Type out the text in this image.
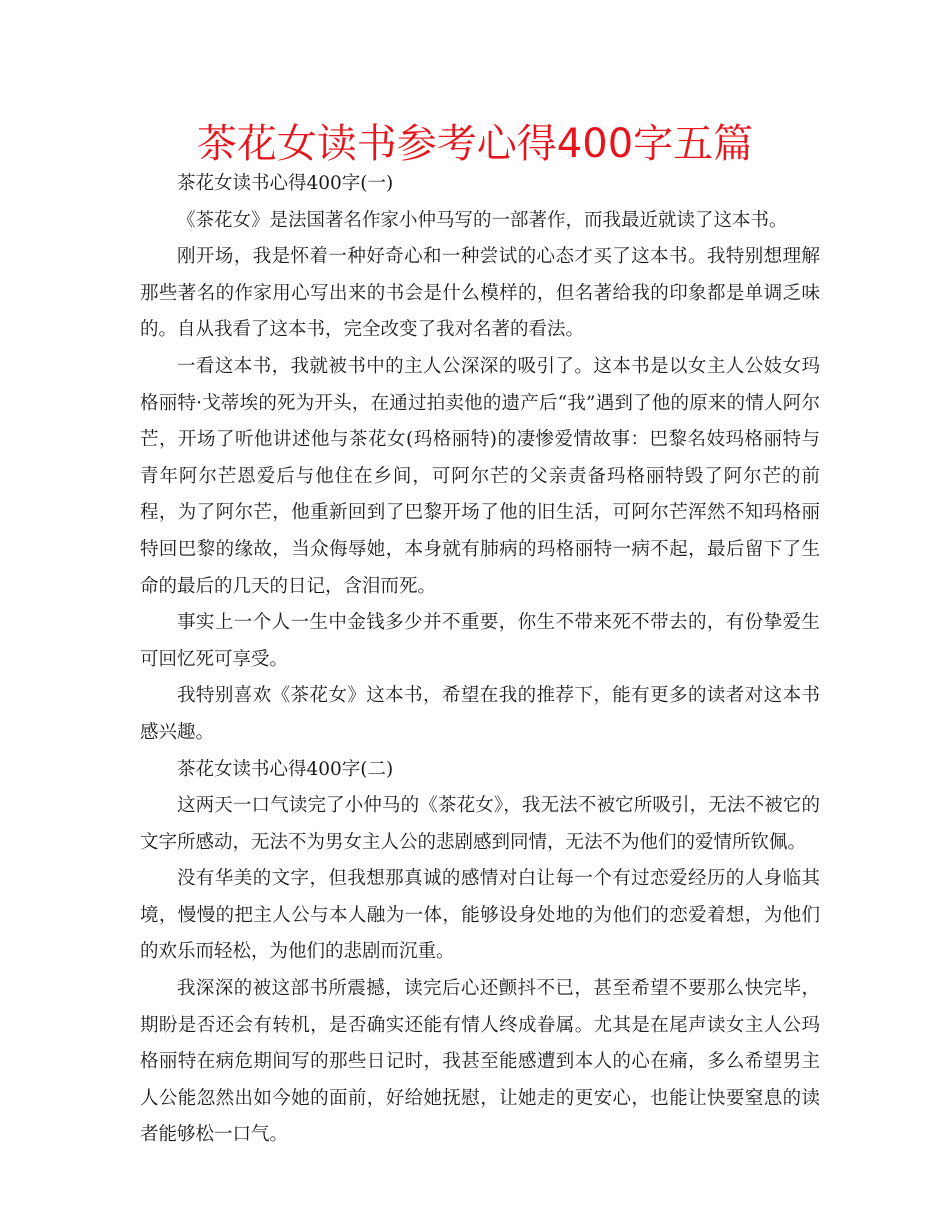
茶花女读书参考心得400字五篇

茶花女读书心得400字(一)

《茶花女》是法国著名作家小仲马写的一部著作，而我最近就读了这本书。

刚开场，我是怀着一种好奇心和一种尝试的心态才买了这本书。我特别想理解那些著名的作家用心写出来的书会是什么模样的，但名著给我的印象都是单调乏味的。自从我看了这本书，完全改变了我对名著的看法。

一看这本书，我就被书中的主人公深深的吸引了。这本书是以女主人公妓女玛格丽特·戈蒂埃的死为开头，在通过拍卖他的遗产后“我”遇到了他的原来的情人阿尔芒，开场了听他讲述他与茶花女(玛格丽特)的凄惨爱情故事：巴黎名妓玛格丽特与青年阿尔芒恩爱后与他住在乡间，可阿尔芒的父亲责备玛格丽特毁了阿尔芒的前程，为了阿尔芒，他重新回到了巴黎开场了他的旧生活，可阿尔芒浑然不知玛格丽特回巴黎的缘故，当众侮辱她，本身就有肺病的玛格丽特一病不起，最后留下了生命的最后的几天的日记，含泪而死。

事实上一个人一生中金钱多少并不重要，你生不带来死不带去的，有份挚爱生可回忆死可享受。

我特别喜欢《茶花女》这本书，希望在我的推荐下，能有更多的读者对这本书感兴趣。

茶花女读书心得400字(二)

这两天一口气读完了小仲马的《茶花女》，我无法不被它所吸引，无法不被它的文字所感动，无法不为男女主人公的悲剧感到同情，无法不为他们的爱情所钦佩。

没有华美的文字，但我想那真诚的感情对白让每一个有过恋爱经历的人身临其境，慢慢的把主人公与本人融为一体，能够设身处地的为他们的恋爱着想，为他们的欢乐而轻松，为他们的悲剧而沉重。

我深深的被这部书所震撼，读完后心还颤抖不已，甚至希望不要那么快完毕，期盼是否还会有转机，是否确实还能有情人终成眷属。尤其是在尾声读女主人公玛格丽特在病危期间写的那些日记时，我甚至能感遭到本人的心在痛，多么希望男主人公能忽然出如今她的面前，好给她抚慰，让她走的更安心，也能让快要窒息的读者能够松一口气。
